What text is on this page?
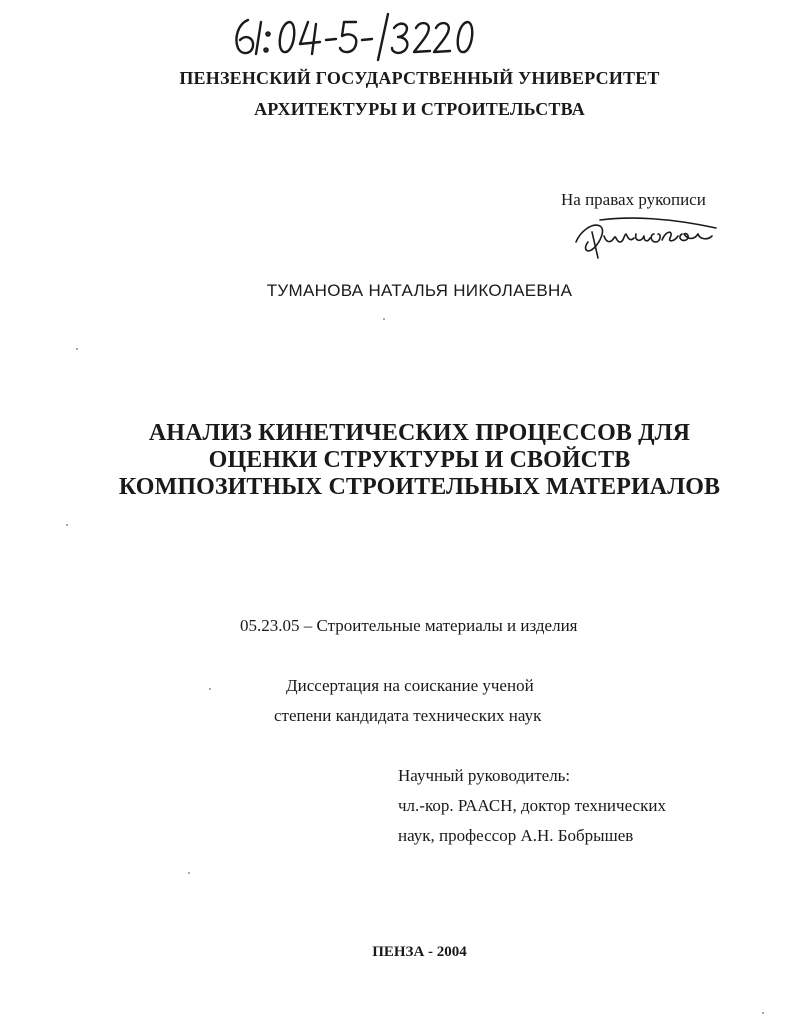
ПЕНЗЕНСКИЙ ГОСУДАРСТВЕННЫЙ УНИВЕРСИТЕТ
АРХИТЕКТУРЫ И СТРОИТЕЛЬСТВА
На правах рукописи
ТУМАНОВА НАТАЛЬЯ НИКОЛАЕВНА
АНАЛИЗ КИНЕТИЧЕСКИХ ПРОЦЕССОВ ДЛЯ
ОЦЕНКИ СТРУКТУРЫ И СВОЙСТВ
КОМПОЗИТНЫХ СТРОИТЕЛЬНЫХ МАТЕРИАЛОВ
05.23.05 – Строительные материалы и изделия
Диссертация на соискание ученой
степени кандидата технических наук
Научный руководитель:
чл.-кор. РААСН, доктор технических
наук, профессор А.Н. Бобрышев
ПЕНЗА - 2004
